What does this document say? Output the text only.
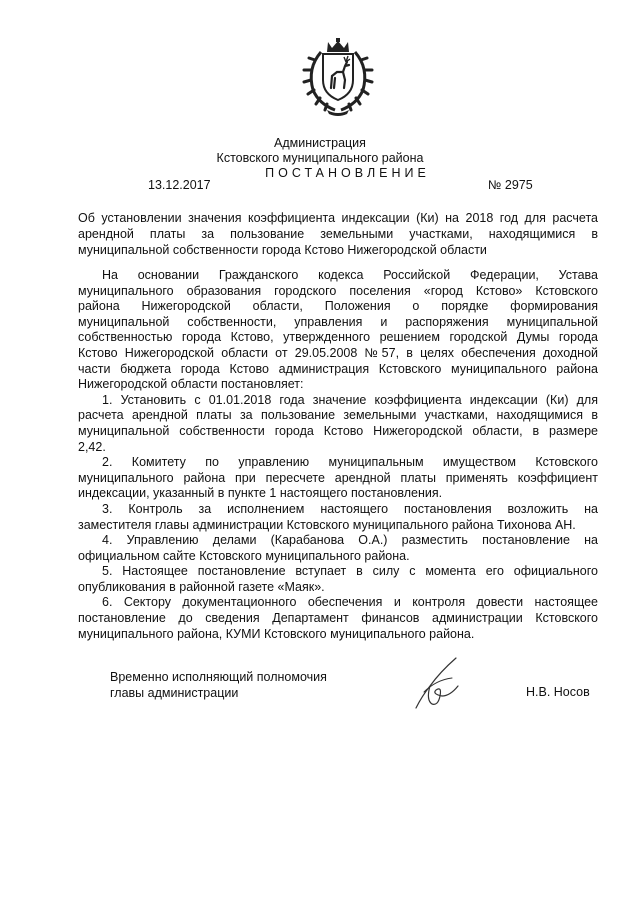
Администрация
Кстовского муниципального района
ПОСТАНОВЛЕНИЕ
13.12.2017	№ 2975
Об установлении значения коэффициента индексации (Ки) на 2018 год для расчета
арендной платы за пользование земельными участками, находящимися в
муниципальной собственности города Кстово Нижегородской области
На основании Гражданского кодекса Российской Федерации, Устава
муниципального образования городского поселения «город Кстово» Кстовского
района Нижегородской области, Положения о порядке формирования
муниципальной собственности, управления и распоряжения муниципальной
собственностью города Кстово, утвержденного решением городской Думы города
Кстово Нижегородской области от 29.05.2008 №57, в целях обеспечения доходной
части бюджета города Кстово администрация Кстовского муниципального района
Нижегородской области постановляет:
1. Установить с 01.01.2018 года значение коэффициента индексации (Ки) для
расчета арендной платы за пользование земельными участками, находящимися в
муниципальной собственности города Кстово Нижегородской области, в размере
2,42.
2. Комитету по управлению муниципальным имуществом Кстовского
муниципального района при пересчете арендной платы применять коэффициент
индексации, указанный в пункте 1 настоящего постановления.
3. Контроль за исполнением настоящего постановления возложить на
заместителя главы администрации Кстовского муниципального района Тихонова АН.
4. Управлению делами (Карабанова О.А.) разместить постановление на
официальном сайте Кстовского муниципального района.
5. Настоящее постановление вступает в силу с момента его официального
опубликования в районной газете «Маяк».
6. Сектору документационного обеспечения и контроля довести настоящее
постановление до сведения Департамент финансов администрации Кстовского
муниципального района, КУМИ Кстовского муниципального района.
Временно исполняющий полномочия
главы администрации	Н.В. Носов
